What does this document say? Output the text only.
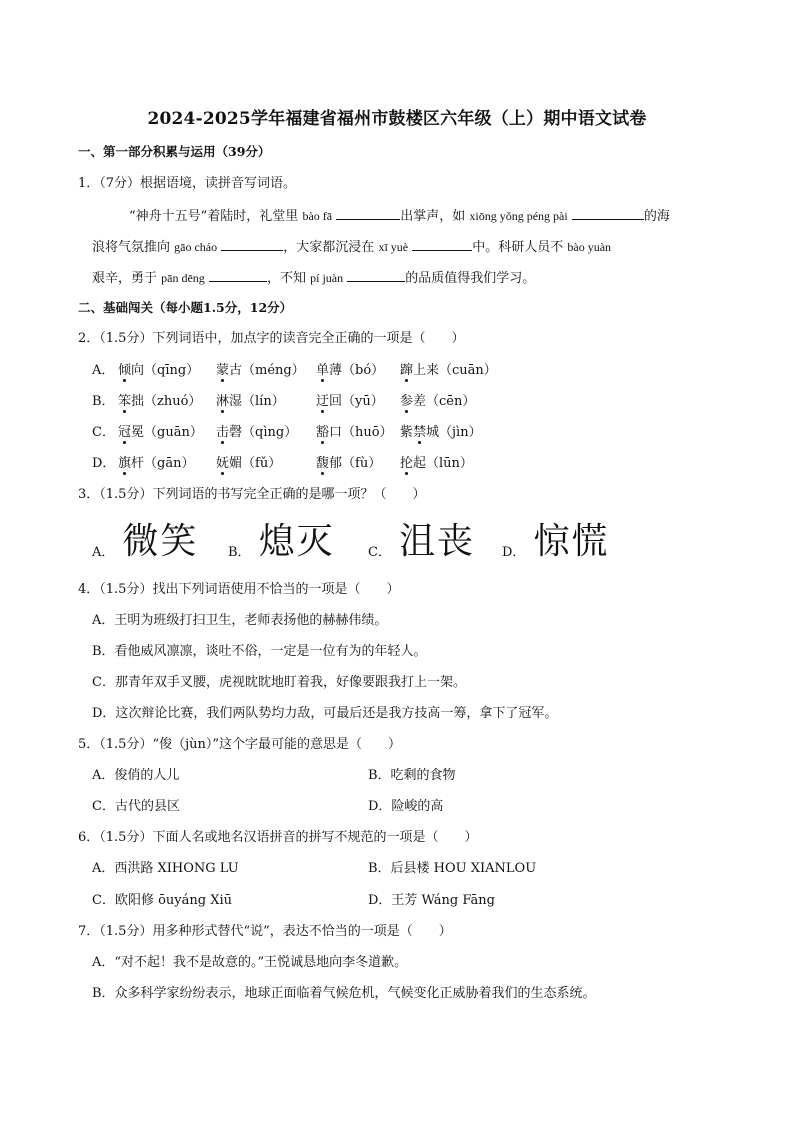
2024-2025学年福建省福州市鼓楼区六年级（上）期中语文试卷
一、第一部分积累与运用（39分）
1．（7分）根据语境，读拼音写词语。
“神舟十五号”着陆时，礼堂里 bào fā	出掌声，如 xiōng yǒng péng pài	的海
浪将气氛推向 gāo cháo	，大家都沉浸在 xī yuè	中。科研人员不 bào yuàn
艰辛，勇于 pān dēng	，不知 pí juàn	的品质值得我们学习。
二、基础闯关（每小题1.5分，12分）
2．（1.5分）下列词语中，加点字的读音完全正确的一项是（　　）
A． 倾向（qīng） 蒙古（méng） 单薄（bó） 蹿上来（cuān）
B． 笨拙（zhuó） 淋湿（lín） 迂回（yū） 参差（cēn）
C． 冠冕（guān） 击磬（qìng） 豁口（huō） 紫禁城（jìn）
D． 旗杆（gān） 妩媚（fǔ）	馥郁（fù） 抡起（lūn）
3．（1.5分）下列词语的书写完全正确的是哪一项？（　　）
A． 微笑 B． 熄灭	C． 沮丧 D． 惊慌
4．（1.5分）找出下列词语使用不恰当的一项是（　　）
A．王明为班级打扫卫生，老师表扬他的赫赫伟绩。
B．看他威风凛凛，谈吐不俗，一定是一位有为的年轻人。
C．那青年双手叉腰，虎视眈眈地盯着我，好像要跟我打上一架。
D．这次辩论比赛，我们两队势均力敌，可最后还是我方技高一筹，拿下了冠军。
5．（1.5分）“俊（jùn）”这个字最可能的意思是（　　）
A．俊俏的人儿	B．吃剩的食物
C．古代的县区	D．险峻的高
6．（1.5分）下面人名或地名汉语拼音的拼写不规范的一项是（　　）
A．西洪路 XIHONG LU	B．后县楼 HOU XIANLOU
C．欧阳修 ōuyáng Xiū	D．王芳 Wáng Fāng
7．（1.5分）用多种形式替代“说”，表达不恰当的一项是（　　）
A．“对不起！我不是故意的。”王悦诚恳地向李冬道歉。
B．众多科学家纷纷表示，地球正面临着气候危机，气候变化正威胁着我们的生态系统。
